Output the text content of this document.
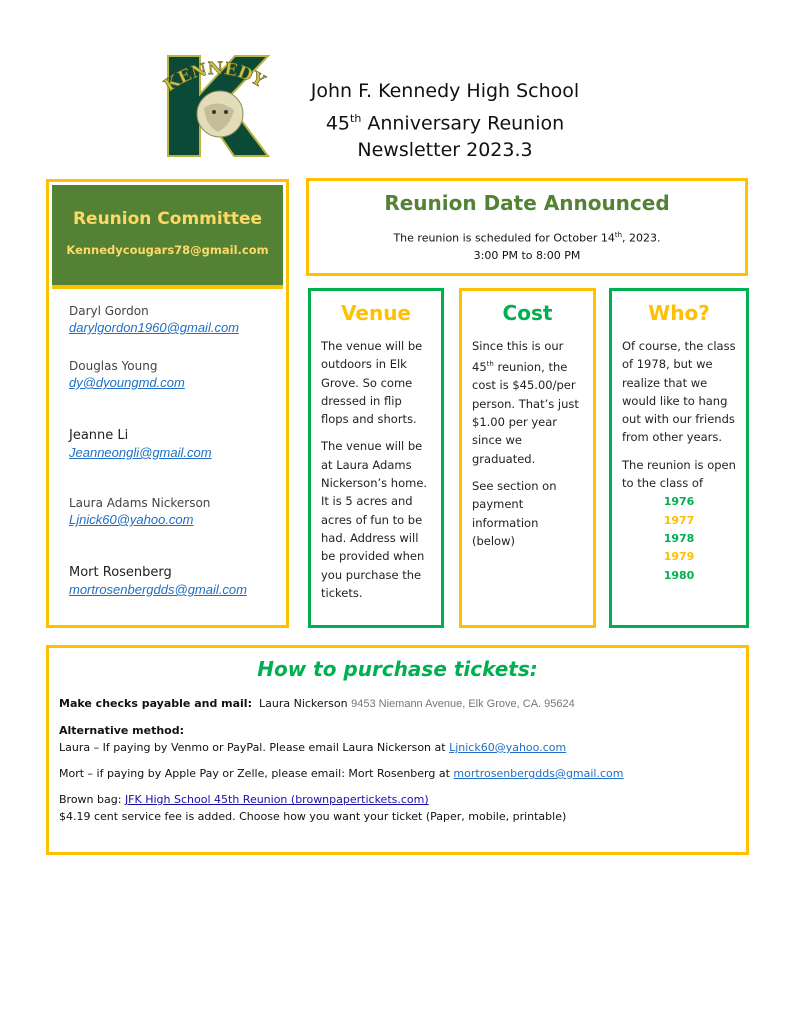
KENNEDY	John F. Kennedy High School
45th Anniversary Reunion
Newsletter 2023.3
Reunion Committee
Kennedycougars78@gmail.com
Daryl Gordon
darylgordon1960@gmail.com
Douglas Young
dy@dyoungmd.com
Jeanne Li
Jeanneongli@gmail.com
Laura Adams Nickerson
Ljnick60@yahoo.com
Mort Rosenberg
mortrosenbergdds@gmail.com
Reunion Date Announced
The reunion is scheduled for October 14th, 2023.
3:00 PM to 8:00 PM
Venue

The venue will be outdoors in Elk Grove. So come dressed in flip flops and shorts.

The venue will be at Laura Adams Nickerson’s home. It is 5 acres and acres of fun to be had. Address will be provided when you purchase the tickets.

Cost

Since this is our 45th reunion, the cost is $45.00/per person. That’s just $1.00 per year since we graduated.

See section on payment information (below)

Who?

Of course, the class of 1978, but we realize that we would like to hang out with our friends from other years.

The reunion is open to the class of

1976
1977
1978
1979
1980
How to purchase tickets:
Make checks payable and mail: Laura Nickerson 9453 Niemann Avenue, Elk Grove, CA. 95624
Alternative method:
Laura – If paying by Venmo or PayPal. Please email Laura Nickerson at Ljnick60@yahoo.com
Mort – if paying by Apple Pay or Zelle, please email: Mort Rosenberg at mortrosenbergdds@gmail.com
Brown bag: JFK High School 45th Reunion (brownpapertickets.com)
$4.19 cent service fee is added. Choose how you want your ticket (Paper, mobile, printable)
